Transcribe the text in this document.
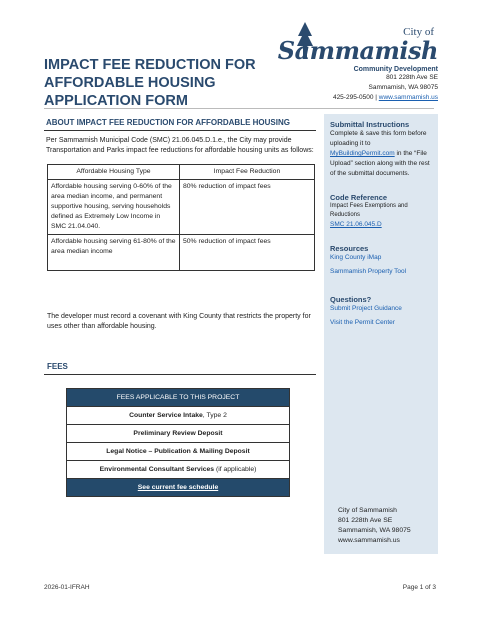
IMPACT FEE REDUCTION FOR
AFFORDABLE HOUSING
APPLICATION FORM
City of
Sammamish
Community Development
801 228th Ave SE
Sammamish, WA 98075
425-295-0500 | www.sammamish.us
ABOUT IMPACT FEE REDUCTION FOR AFFORDABLE HOUSING
Per Sammamish Municipal Code (SMC) 21.06.045.D.1.e., the City may provide Transportation and Parks impact fee reductions for affordable housing units as follows:
Affordable Housing Type	Impact Fee Reduction
Affordable housing serving 0-60% of the area median income, and permanent supportive housing, serving households defined as Extremely Low Income in SMC 21.04.040.	80% reduction of impact fees
Affordable housing serving 61-80% of the area median income	50% reduction of impact fees
The developer must record a covenant with King County that restricts the property for uses other than affordable housing.
FEES
FEES APPLICABLE TO THIS PROJECT
Counter Service Intake, Type 2
Preliminary Review Deposit
Legal Notice – Publication & Mailing Deposit
Environmental Consultant Services (if applicable)
See current fee schedule
Submittal Instructions
Complete & save this form before uploading it to MyBuildingPermit.com in the “File Upload” section along with the rest of the submittal documents.
Code Reference
Impact Fees Exemptions and Reductions
SMC 21.06.045.D
Resources
King County iMap
Sammamish Property Tool
Questions?
Submit Project Guidance
Visit the Permit Center
City of Sammamish
801 228th Ave SE
Sammamish, WA 98075
www.sammamish.us
2026-01-IFRAH	Page 1 of 3
